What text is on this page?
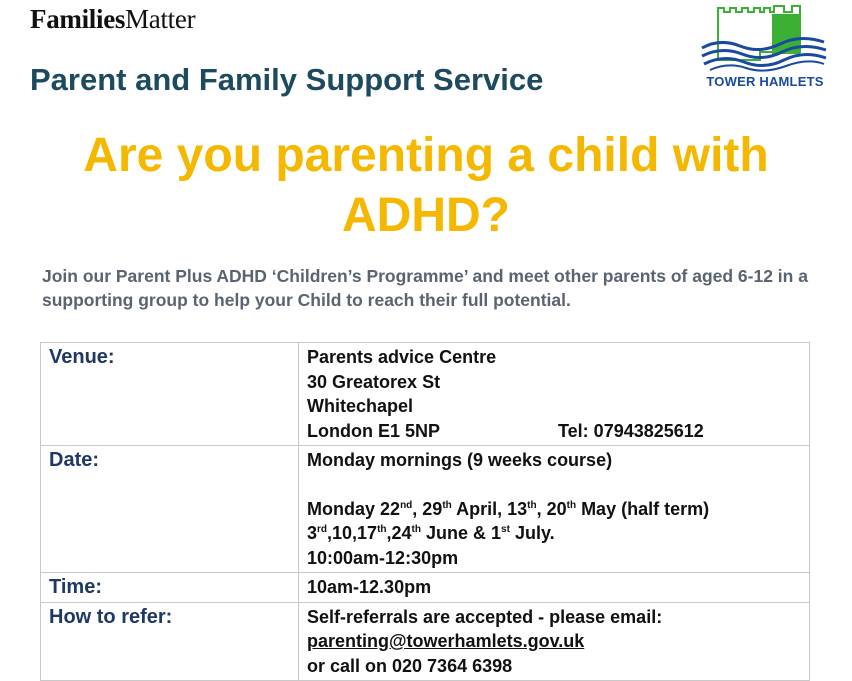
FamiliesMatter
Parent and Family Support Service	TOWER HAMLETS
Are you parenting a child with
ADHD?
Join our Parent Plus ADHD ‘Children’s Programme’ and meet other parents of aged 6-12 in a supporting group to help your Child to reach their full potential.
Venue:	Parents advice Centre
30 Greatorex St
Whitechapel
London E1 5NP Tel: 07943825612

Date:	Monday mornings (9 weeks course)
Monday 22nd, 29th April, 13th, 20th May (half term)
3rd,10,17th,24th June & 1st July.
10:00am-12:30pm

Time:	10am-12.30pm
How to refer:	Self-referrals are accepted - please email:
parenting@towerhamlets.gov.uk
or call on 020 7364 6398
